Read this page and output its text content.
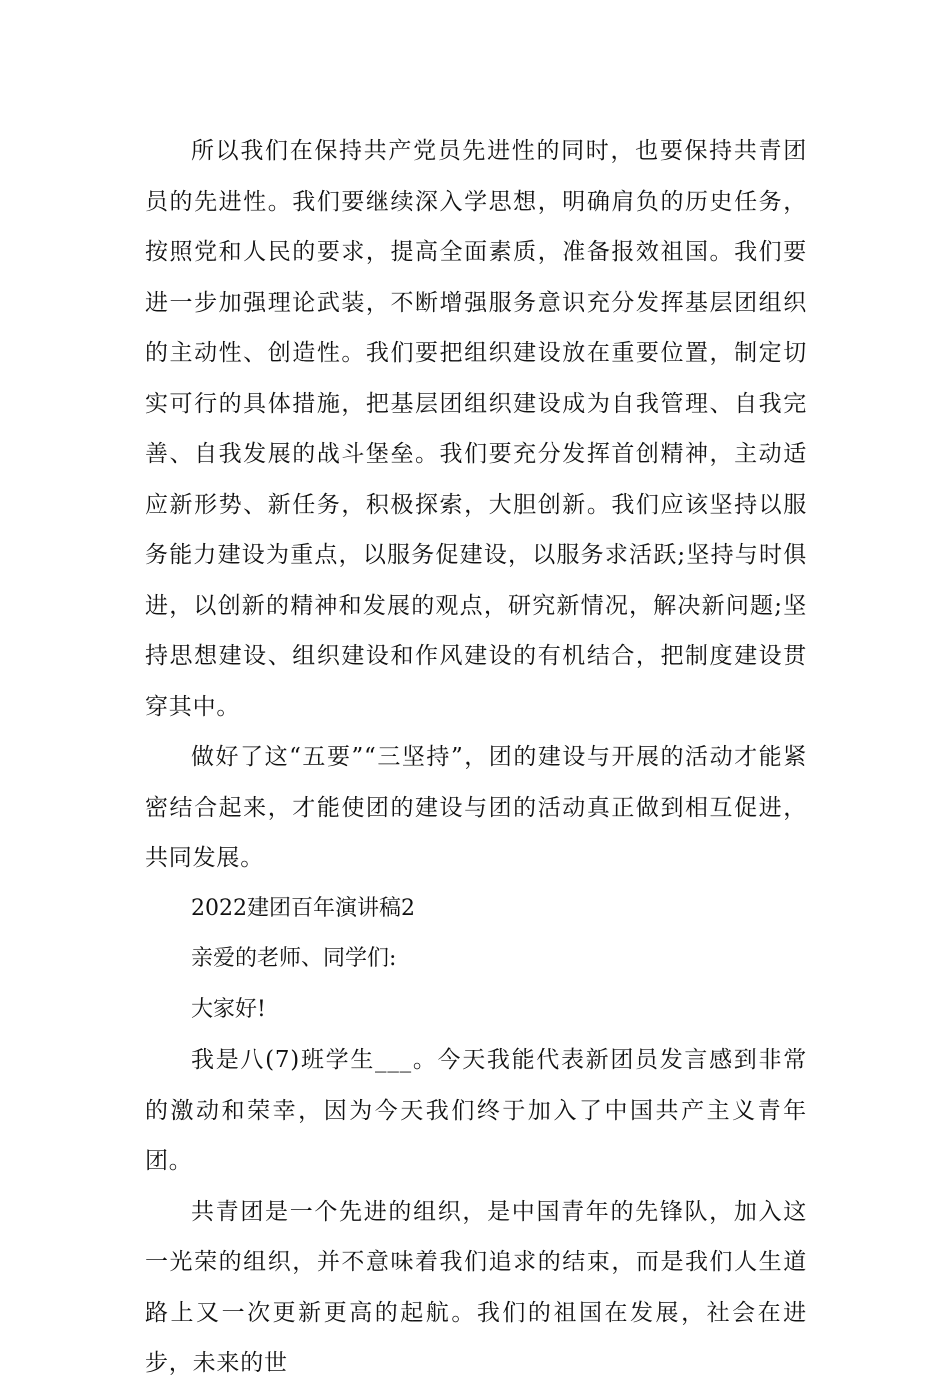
所以我们在保持共产党员先进性的同时，也要保持共青团员的先进性。我们要继续深入学思想，明确肩负的历史任务，按照党和人民的要求，提高全面素质，准备报效祖国。我们要进一步加强理论武装，不断增强服务意识充分发挥基层团组织的主动性、创造性。我们要把组织建设放在重要位置，制定切实可行的具体措施，把基层团组织建设成为自我管理、自我完善、自我发展的战斗堡垒。我们要充分发挥首创精神，主动适应新形势、新任务，积极探索，大胆创新。我们应该坚持以服务能力建设为重点，以服务促建设，以服务求活跃;坚持与时俱进，以创新的精神和发展的观点，研究新情况，解决新问题;坚持思想建设、组织建设和作风建设的有机结合，把制度建设贯穿其中。

做好了这“五要”“三坚持”，团的建设与开展的活动才能紧密结合起来，才能使团的建设与团的活动真正做到相互促进，共同发展。

2022建团百年演讲稿2

亲爱的老师、同学们:

大家好!

我是八(7)班学生___。今天我能代表新团员发言感到非常的激动和荣幸，因为今天我们终于加入了中国共产主义青年团。

共青团是一个先进的组织，是中国青年的先锋队，加入这一光荣的组织，并不意味着我们追求的结束，而是我们人生道路上又一次更新更高的起航。我们的祖国在发展，社会在进步，未来的世
